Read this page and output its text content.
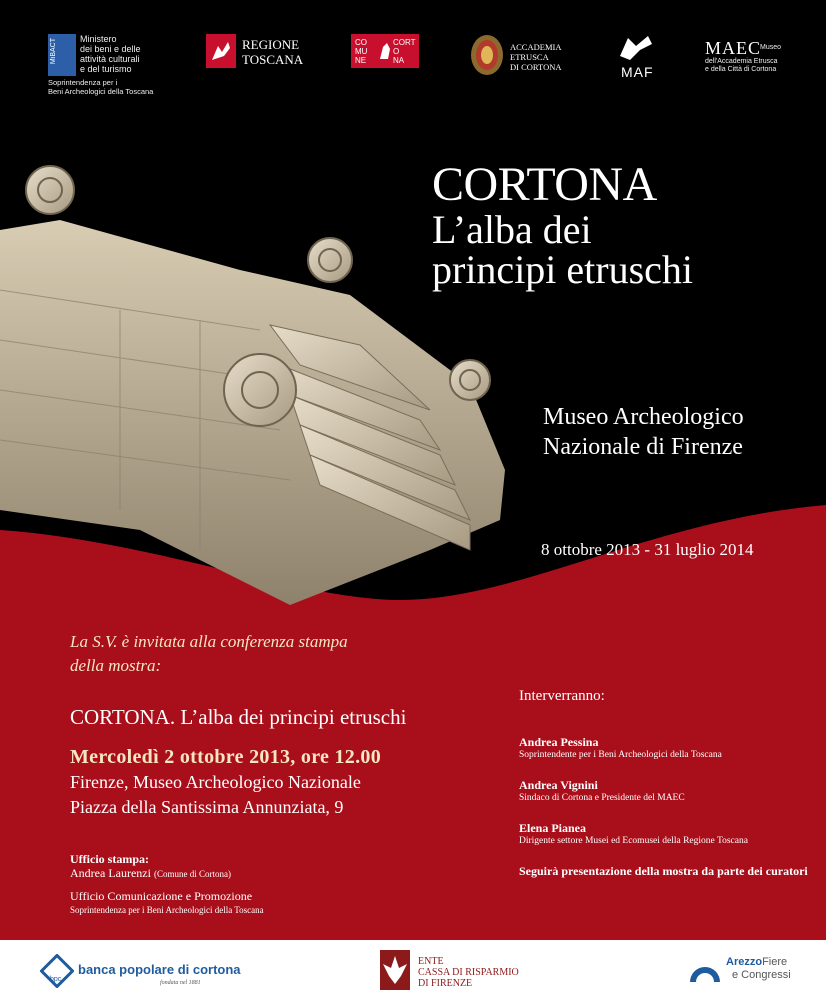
Ministero
dei beni e delle
attività culturali
e del turismo
Soprintendenza per i
Beni Archeologici della Toscana
MiBACT	REGIONE
TOSCANA
CO
MU
NE
CORT
O
NA
ACCADEMIA
ETRUSCA
DI CORTONA	MAF
MAEC
dell'Accademia Etrusca
e della Città di Cortona
Museo
CORTONA
L’alba dei
principi etruschi
Museo Archeologico
Nazionale di Firenze
8 ottobre 2013 - 31 luglio 2014
La S.V. è invitata alla conferenza stampa
della mostra:
CORTONA. L’alba dei principi etruschi
Mercoledì 2 ottobre 2013, ore 12.00
Firenze, Museo Archeologico Nazionale
Piazza della Santissima Annunziata, 9
Ufficio stampa:
Andrea Laurenzi (Comune di Cortona)
Ufficio Comunicazione e Promozione
Soprintendenza per i Beni Archeologici della Toscana
Interverranno:
Andrea Pessina
Soprintendente per i Beni Archeologici della Toscana
Andrea Vignini
Sindaco di Cortona e Presidente del MAEC
Elena Pianea
Dirigente settore Musei ed Ecomusei della Regione Toscana
Seguirà presentazione della mostra da parte dei curatori
bpc
banca popolare di cortona
fondata nel 1881
ENTE
CASSA DI RISPARMIO
DI FIRENZE
ArezzoFiere
e Congressi
